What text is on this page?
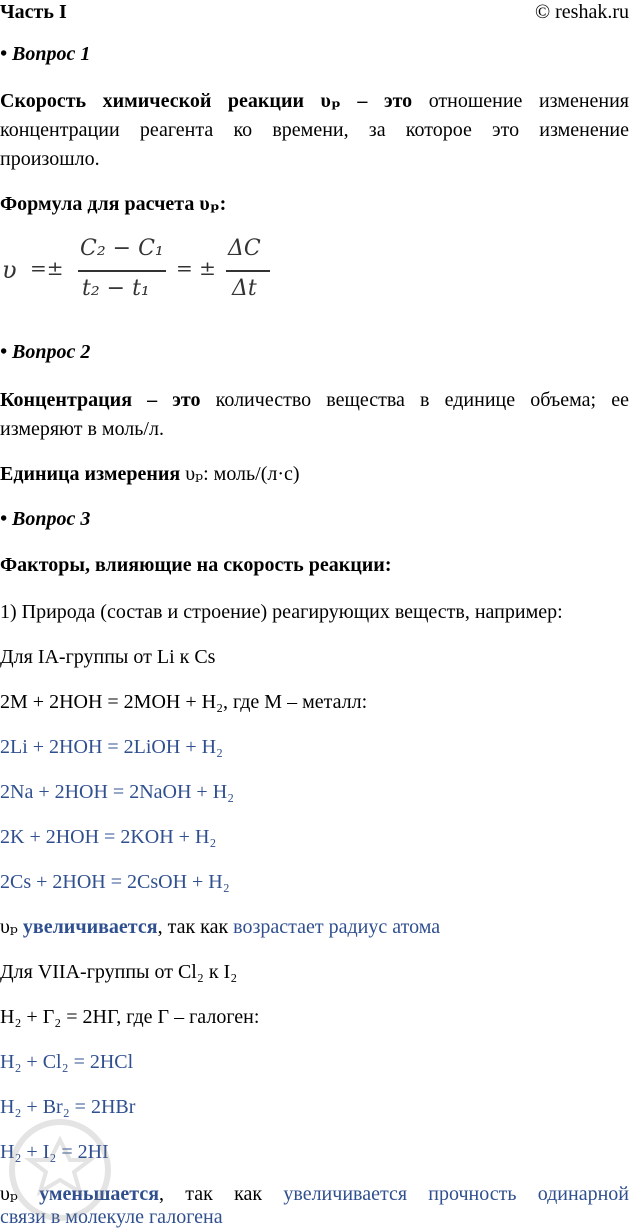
Часть I	© reshak.ru
• Вопрос 1
Скорость химической реакции υₚ – это отношение изменения
концентрации реагента ко времени, за которое это изменение
произошло.
Формула для расчета υₚ:
υ =±
C₂ − C₁
t₂ − t₁
= ±
ΔC
Δt
• Вопрос 2
Концентрация – это количество вещества в единице объема; ее
измеряют в моль/л.
Единица измерения υₚ: моль/(л·с)
• Вопрос 3
Факторы, влияющие на скорость реакции:
1) Природа (состав и строение) реагирующих веществ, например:
Для IA-группы от Li к Cs
2M + 2HOH = 2MOH + H₂, где M – металл:
2Li + 2HOH = 2LiOH + H₂
2Na + 2HOH = 2NaOH + H₂
2K + 2HOH = 2KOH + H₂
2Cs + 2HOH = 2CsOH + H₂
υₚ увеличивается, так как возрастает радиус атома
Для VIIA-группы от Cl₂ к I₂
H₂ + Г₂ = 2HГ, где Г – галоген:
H₂ + Cl₂ = 2HCl
H₂ + Br₂ = 2HBr
H₂ + I₂ = 2HI
υₚ уменьшается, так как увеличивается прочность одинарной
связи в молекуле галогена
